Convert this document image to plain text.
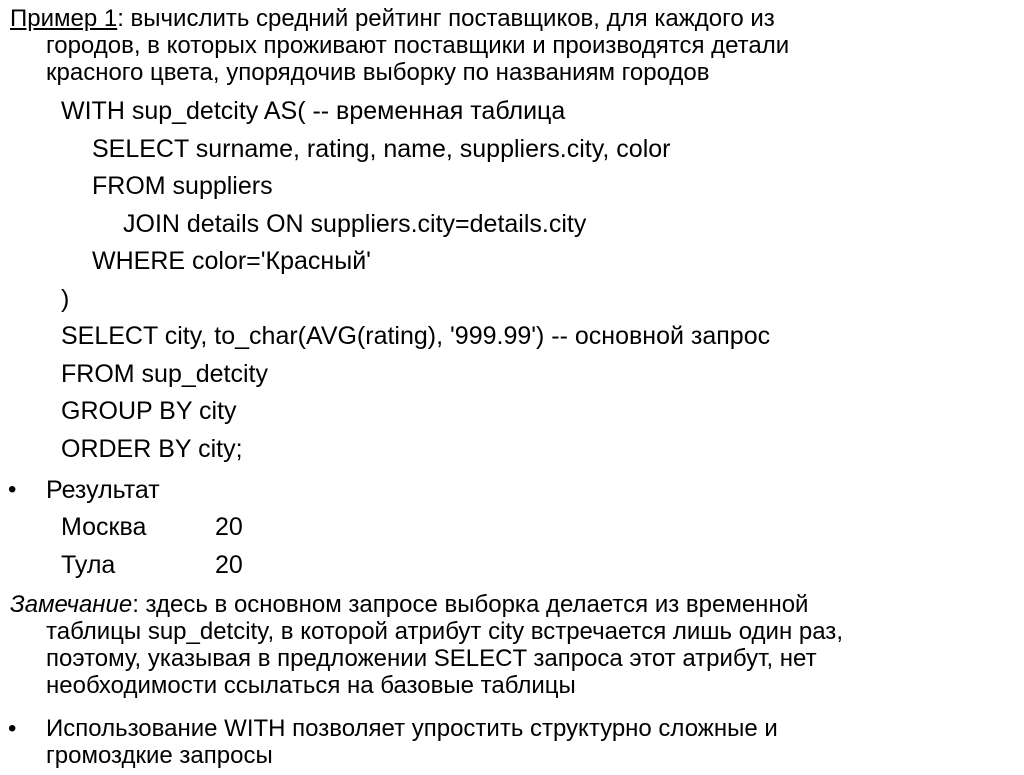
Пример 1: вычислить средний рейтинг поставщиков, для каждого из
городов, в которых проживают поставщики и производятся детали
красного цвета, упорядочив выборку по названиям городов
WITH sup_detcity AS( -- временная таблица
SELECT surname, rating, name, suppliers.city, color
FROM suppliers
JOIN details ON suppliers.city=details.city
WHERE color='Красный'
)
SELECT city, to_char(AVG(rating), '999.99') -- основной запрос
FROM sup_detcity
GROUP BY city
ORDER BY city;
• Результат
Москва	20
Тула	20
Замечание: здесь в основном запросе выборка делается из временной
таблицы sup_detcity, в которой атрибут city встречается лишь один раз,
поэтому, указывая в предложении SELECT запроса этот атрибут, нет
необходимости ссылаться на базовые таблицы
• Использование WITH позволяет упростить структурно сложные и
громоздкие запросы
